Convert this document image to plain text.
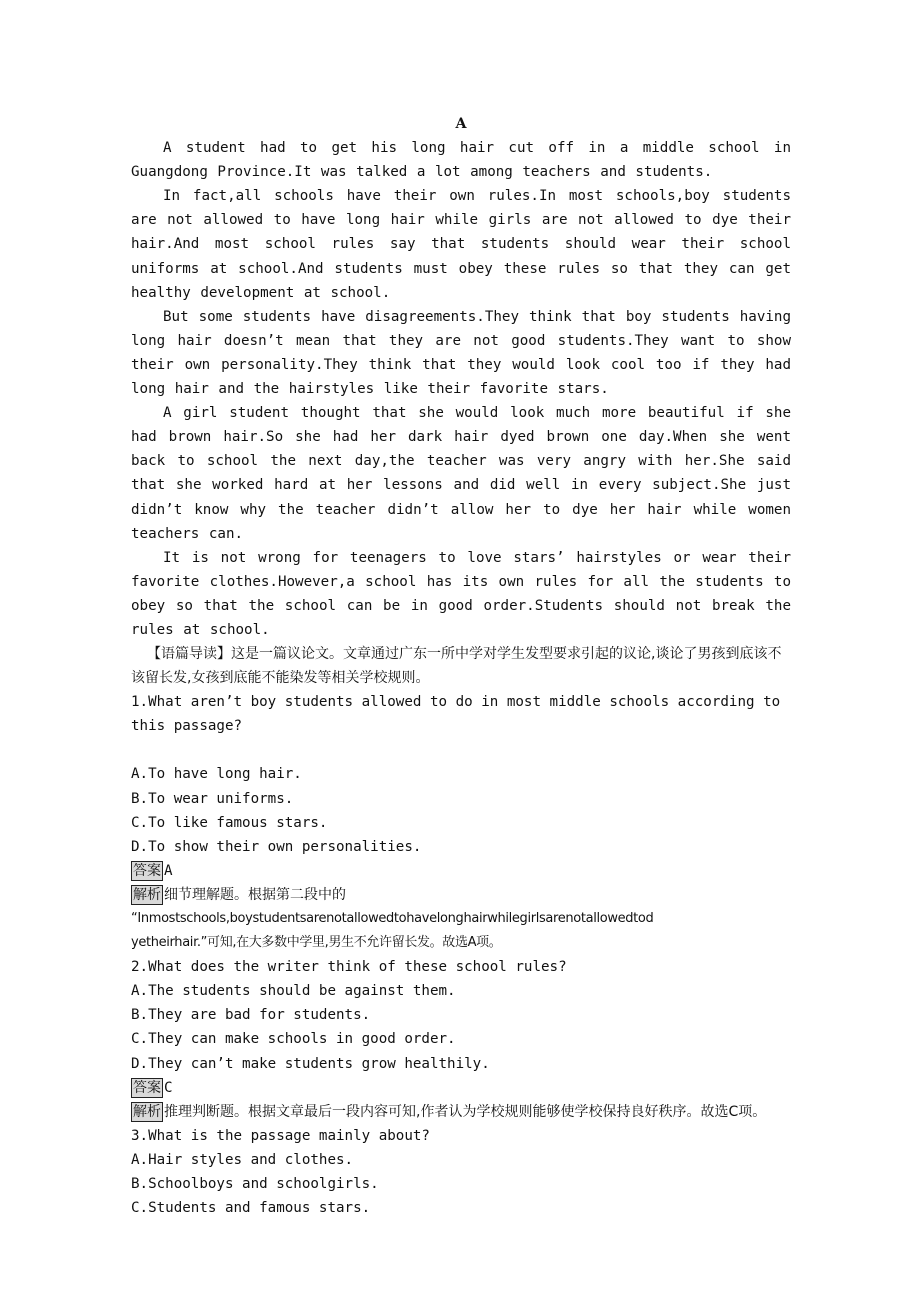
A

A student had to get his long hair cut off in a middle school in Guangdong Province.It was talked a lot among teachers and students.

In fact,all schools have their own rules.In most schools,boy students are not allowed to have long hair while girls are not allowed to dye their hair.And most school rules say that students should wear their school uniforms at school.And students must obey these rules so that they can get healthy development at school.

But some students have disagreements.They think that boy students having long hair doesn’t mean that they are not good students.They want to show their own personality.They think that they would look cool too if they had long hair and the hairstyles like their favorite stars.

A girl student thought that she would look much more beautiful if she had brown hair.So she had her dark hair dyed brown one day.When she went back to school the next day,the teacher was very angry with her.She said that she worked hard at her lessons and did well in every subject.She just didn’t know why the teacher didn’t allow her to dye her hair while women teachers can.

It is not wrong for teenagers to love stars’ hairstyles or wear their favorite clothes.However,a school has its own rules for all the students to obey so that the school can be in good order.Students should not break the rules at school.

【语篇导读】这是一篇议论文。文章通过广东一所中学对学生发型要求引起的议论,谈论了男孩到底该不该留长发,女孩到底能不能染发等相关学校规则。

1.What aren’t boy students allowed to do in most middle schools according to this passage?

A.To have long hair.

B.To wear uniforms.

C.To like famous stars.

D.To show their own personalities.

答案 A

解析 细节理解题。根据第二段中的

“Inmostschools,boystudentsarenotallowedtohavelonghairwhilegirlsarenotallowedtod
yetheirhair.”可知,在大多数中学里,男生不允许留长发。故选A项。

2.What does the writer think of these school rules?

A.The students should be against them.

B.They are bad for students.

C.They can make schools in good order.

D.They can’t make students grow healthily.

答案 C

解析 推理判断题。根据文章最后一段内容可知,作者认为学校规则能够使学校保持良好秩序。故选C项。

3.What is the passage mainly about?

A.Hair styles and clothes.

B.Schoolboys and schoolgirls.

C.Students and famous stars.
